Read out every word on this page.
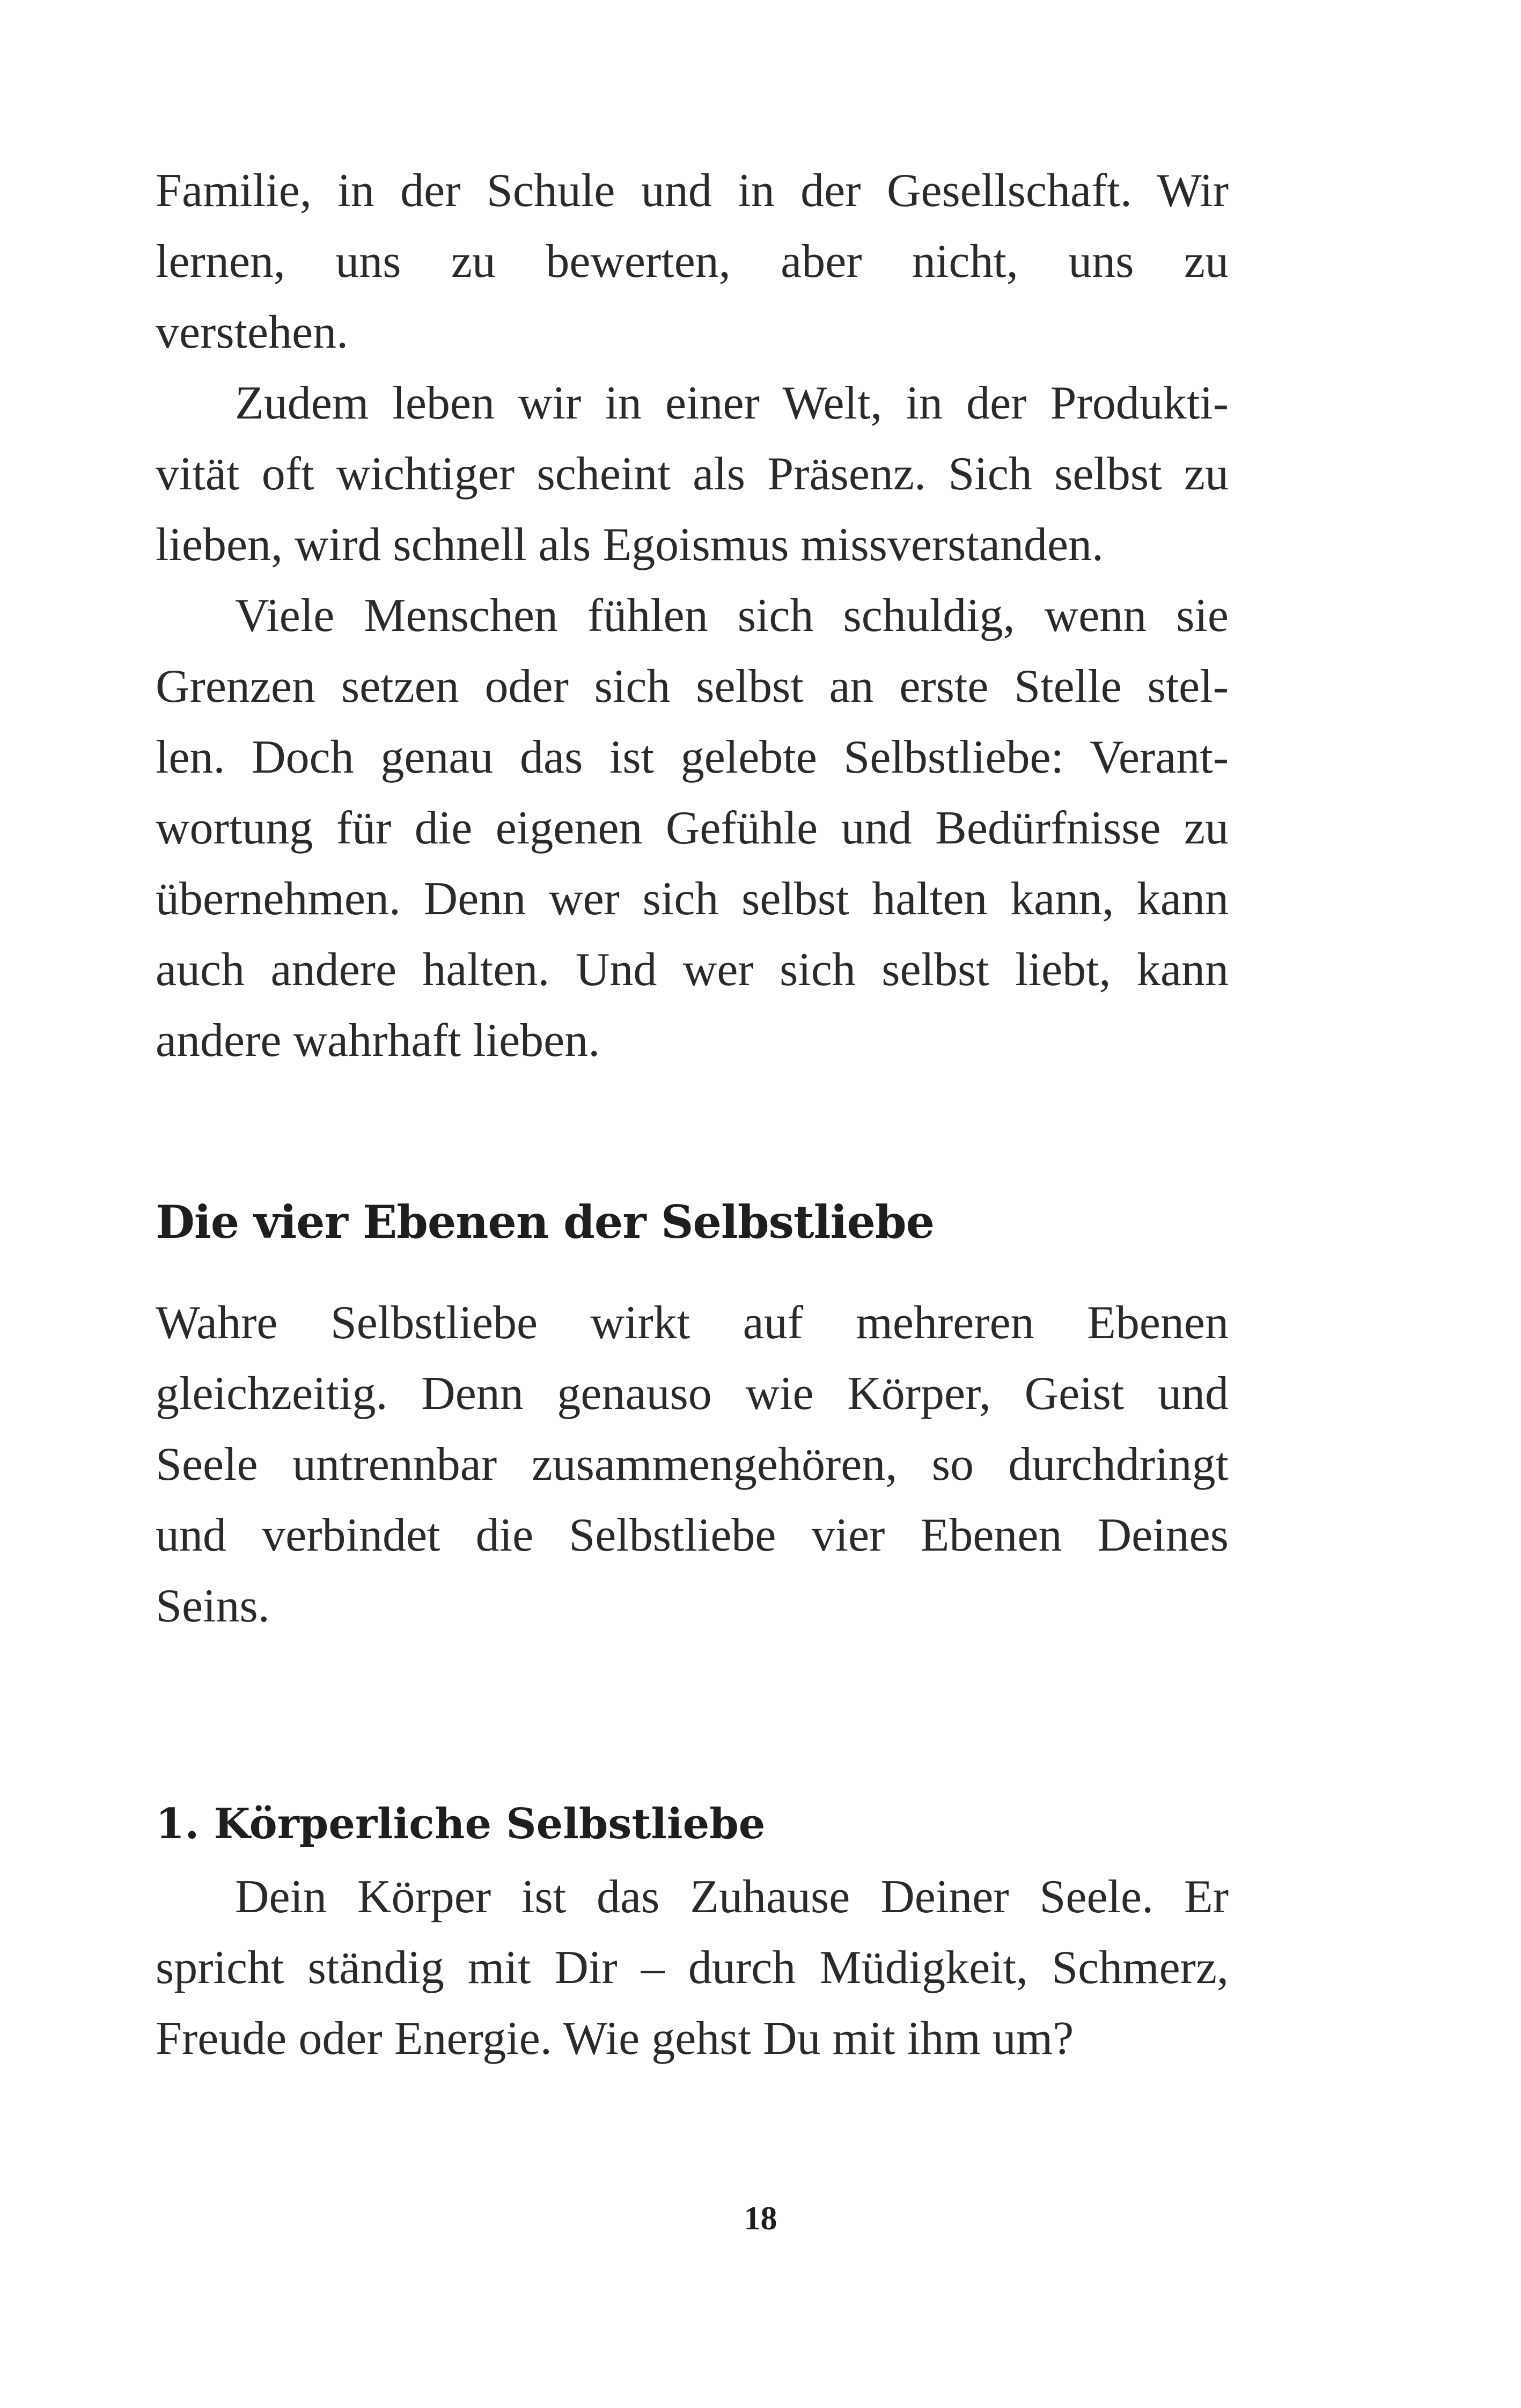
Familie, in der Schule und in der Gesellschaft. Wir
lernen, uns zu bewerten, aber nicht, uns zu
verstehen.
Zudem leben wir in einer Welt, in der Produkti-
vität oft wichtiger scheint als Präsenz. Sich selbst zu
lieben, wird schnell als Egoismus missverstanden.
Viele Menschen fühlen sich schuldig, wenn sie
Grenzen setzen oder sich selbst an erste Stelle stel-
len. Doch genau das ist gelebte Selbstliebe: Verant-
wortung für die eigenen Gefühle und Bedürfnisse zu
übernehmen. Denn wer sich selbst halten kann, kann
auch andere halten. Und wer sich selbst liebt, kann
andere wahrhaft lieben.
Die vier Ebenen der Selbstliebe
Wahre Selbstliebe wirkt auf mehreren Ebenen
gleichzeitig. Denn genauso wie Körper, Geist und
Seele untrennbar zusammengehören, so durchdringt
und verbindet die Selbstliebe vier Ebenen Deines
Seins.
1. Körperliche Selbstliebe
Dein Körper ist das Zuhause Deiner Seele. Er
spricht ständig mit Dir – durch Müdigkeit, Schmerz,
Freude oder Energie. Wie gehst Du mit ihm um?
18
